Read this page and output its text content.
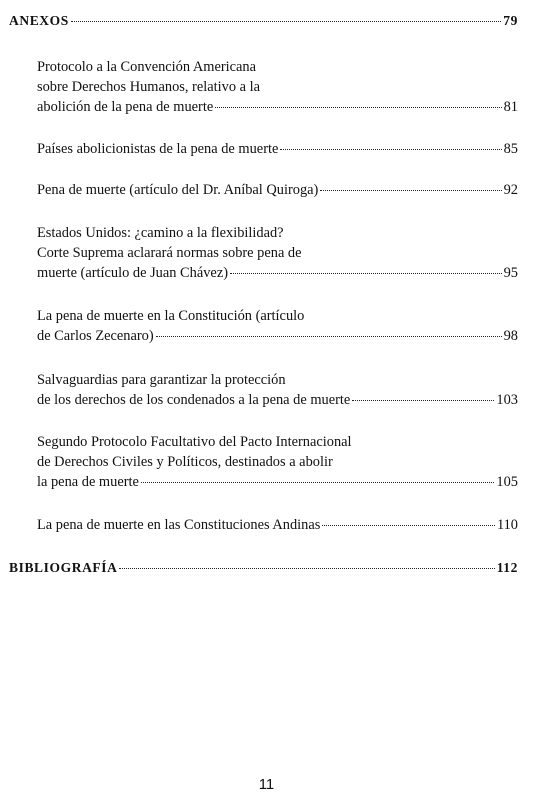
ANEXOS	79
Protocolo a la Convención Americana
sobre Derechos Humanos, relativo a la
abolición de la pena de muerte	81
Países abolicionistas de la pena de muerte	85
Pena de muerte (artículo del Dr. Aníbal Quiroga)	92
Estados Unidos: ¿camino a la flexibilidad?
Corte Suprema aclarará normas sobre pena de
muerte (artículo de Juan Chávez)	95
La pena de muerte en la Constitución (artículo
de Carlos Zecenaro)	98
Salvaguardias para garantizar la protección
de los derechos de los condenados a la pena de muerte	103
Segundo Protocolo Facultativo del Pacto Internacional
de Derechos Civiles y Políticos, destinados a abolir
la pena de muerte	105
La pena de muerte en las Constituciones Andinas	110
BIBLIOGRAFÍA	112
11
